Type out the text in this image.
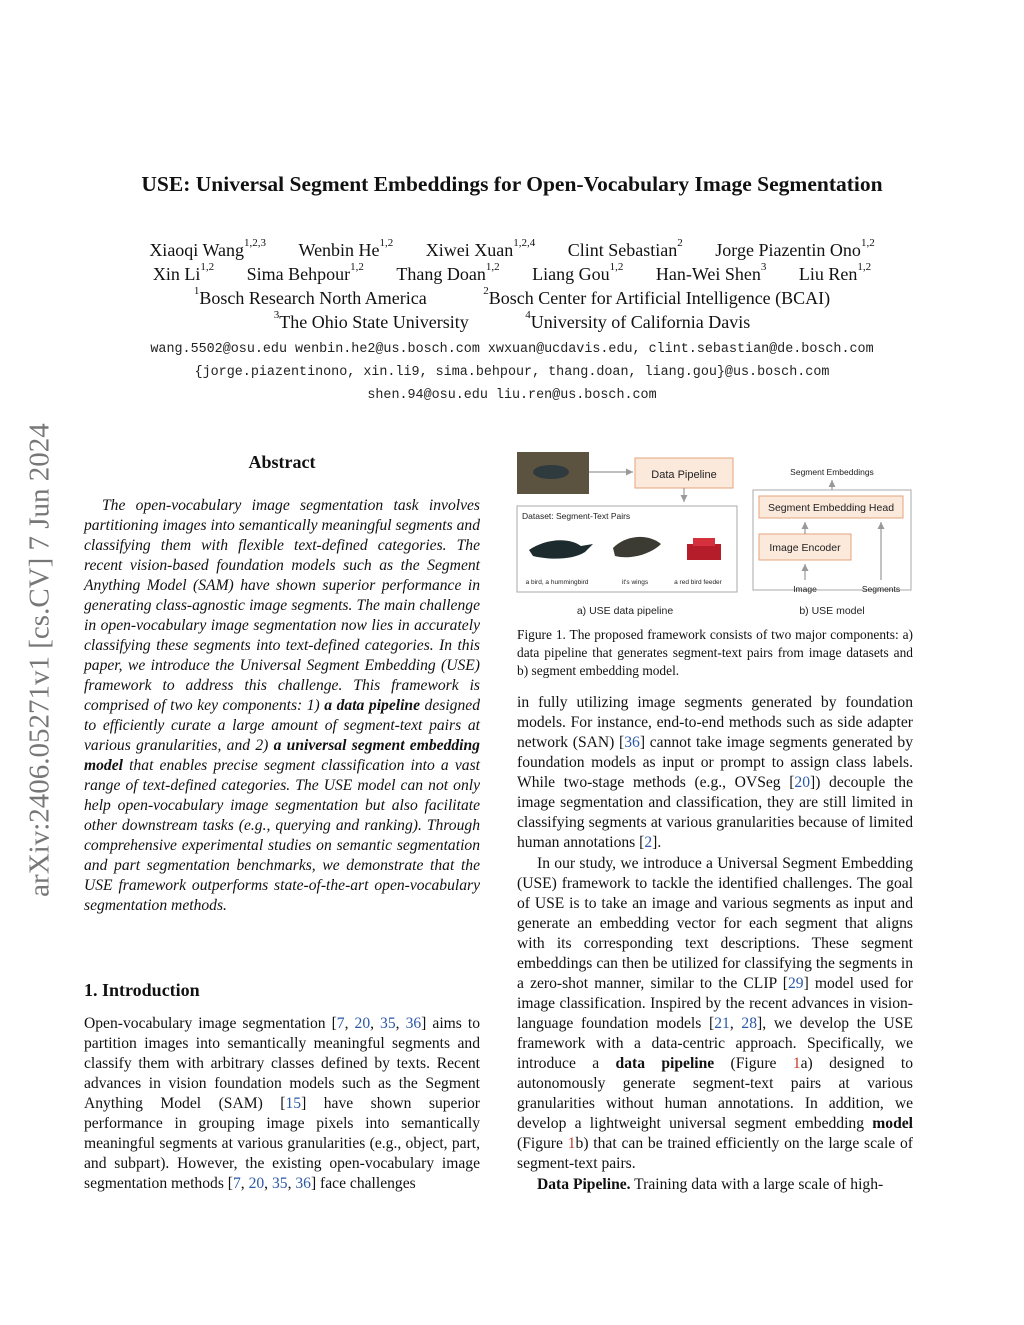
arXiv:2406.05271v1 [cs.CV] 7 Jun 2024
USE: Universal Segment Embeddings for Open-Vocabulary Image Segmentation
Xiaoqi Wang$^{1,2,3}$ Wenbin He$^{1,2}$ Xiwei Xuan$^{1,2,4}$ Clint Sebastian$^2$ Jorge Piazentin Ono$^{1,2}$
Xin Li$^{1,2}$ Sima Behpour$^{1,2}$ Thang Doan$^{1,2}$ Liang Gou$^{1,2}$ Han-Wei Shen$^3$ Liu Ren$^{1,2}$
$^1$Bosch Research North America	$^2$Bosch Center for Artificial Intelligence (BCAI)
$^3$The Ohio State University	$^4$University of California Davis
wang.5502@osu.edu wenbin.he2@us.bosch.com xwxuan@ucdavis.edu, clint.sebastian@de.bosch.com
{jorge.piazentinono, xin.li9, sima.behpour, thang.doan, liang.gou}@us.bosch.com
shen.94@osu.edu liu.ren@us.bosch.com
Abstract
The open-vocabulary image segmentation task involves partitioning images into semantically meaningful segments and classifying them with flexible text-defined categories. The recent vision-based foundation models such as the Segment Anything Model (SAM) have shown superior performance in generating class-agnostic image segments. The main challenge in open-vocabulary image segmentation now lies in accurately classifying these segments into text-defined categories. In this paper, we introduce the Universal Segment Embedding (USE) framework to address this challenge. This framework is comprised of two key components: 1) a data pipeline designed to efficiently curate a large amount of segment-text pairs at various granularities, and 2) a universal segment embedding model that enables precise segment classification into a vast range of text-defined categories. The USE model can not only help open-vocabulary image segmentation but also facilitate other downstream tasks (e.g., querying and ranking). Through comprehensive experimental studies on semantic segmentation and part segmentation benchmarks, we demonstrate that the USE framework outperforms state-of-the-art open-vocabulary segmentation methods.
1. Introduction
Open-vocabulary image segmentation [7, 20, 35, 36] aims to partition images into semantically meaningful segments and classify them with arbitrary classes defined by texts. Recent advances in vision foundation models such as the Segment Anything Model (SAM) [15] have shown superior performance in grouping image pixels into semantically meaningful segments at various granularities (e.g., object, part, and subpart). However, the existing open-vocabulary image segmentation methods [7, 20, 35, 36] face challenges
Data Pipeline
Dataset: Segment-Text Pairs
a bird, a hummingbird	it's wings	a red bird feeder
Segment Embeddings
Segment Embedding Head
Image Encoder
Image	Segments
a) USE data pipeline	b) USE model
Figure 1. The proposed framework consists of two major components: a) data pipeline that generates segment-text pairs from image datasets and b) segment embedding model.
in fully utilizing image segments generated by foundation models. For instance, end-to-end methods such as side adapter network (SAN) [36] cannot take image segments generated by foundation models as input or prompt to assign class labels. While two-stage methods (e.g., OVSeg [20]) decouple the image segmentation and classification, they are still limited in classifying segments at various granularities because of limited human annotations [2].
In our study, we introduce a Universal Segment Embedding (USE) framework to tackle the identified challenges. The goal of USE is to take an image and various segments as input and generate an embedding vector for each segment that aligns with its corresponding text descriptions. These segment embeddings can then be utilized for classifying the segments in a zero-shot manner, similar to the CLIP [29] model used for image classification. Inspired by the recent advances in vision-language foundation models [21, 28], we develop the USE framework with a data-centric approach. Specifically, we introduce a data pipeline (Figure 1a) designed to autonomously generate segment-text pairs at various granularities without human annotations. In addition, we develop a lightweight universal segment embedding model (Figure 1b) that can be trained efficiently on the large scale of segment-text pairs.
Data Pipeline. Training data with a large scale of high-
